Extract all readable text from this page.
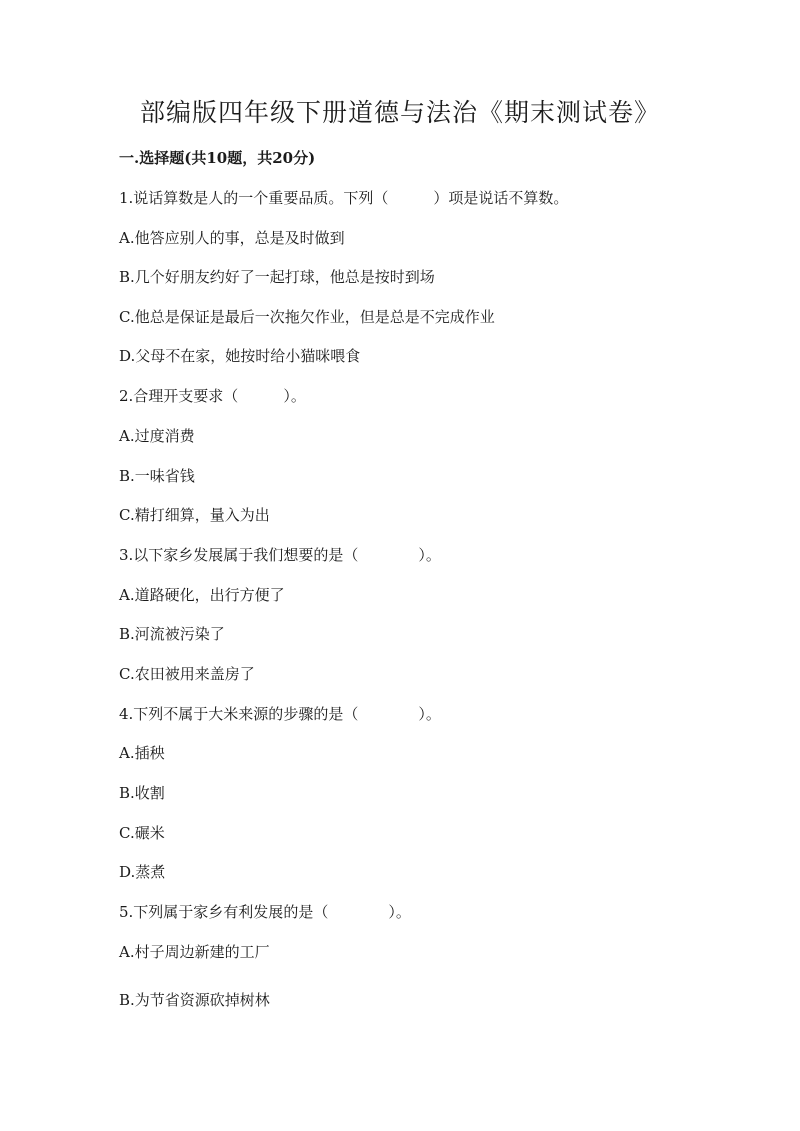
部编版四年级下册道德与法治《期末测试卷》
一.选择题(共10题，共20分)

1.说话算数是人的一个重要品质。下列（　　　）项是说话不算数。

A.他答应别人的事，总是及时做到

B.几个好朋友约好了一起打球，他总是按时到场

C.他总是保证是最后一次拖欠作业，但是总是不完成作业

D.父母不在家，她按时给小猫咪喂食

2.合理开支要求（　　　）。

A.过度消费

B.一味省钱

C.精打细算，量入为出

3.以下家乡发展属于我们想要的是（　　　　）。

A.道路硬化，出行方便了

B.河流被污染了

C.农田被用来盖房了

4.下列不属于大米来源的步骤的是（　　　　）。

A.插秧

B.收割

C.碾米

D.蒸煮

5.下列属于家乡有利发展的是（　　　　）。

A.村子周边新建的工厂

B.为节省资源砍掉树林
